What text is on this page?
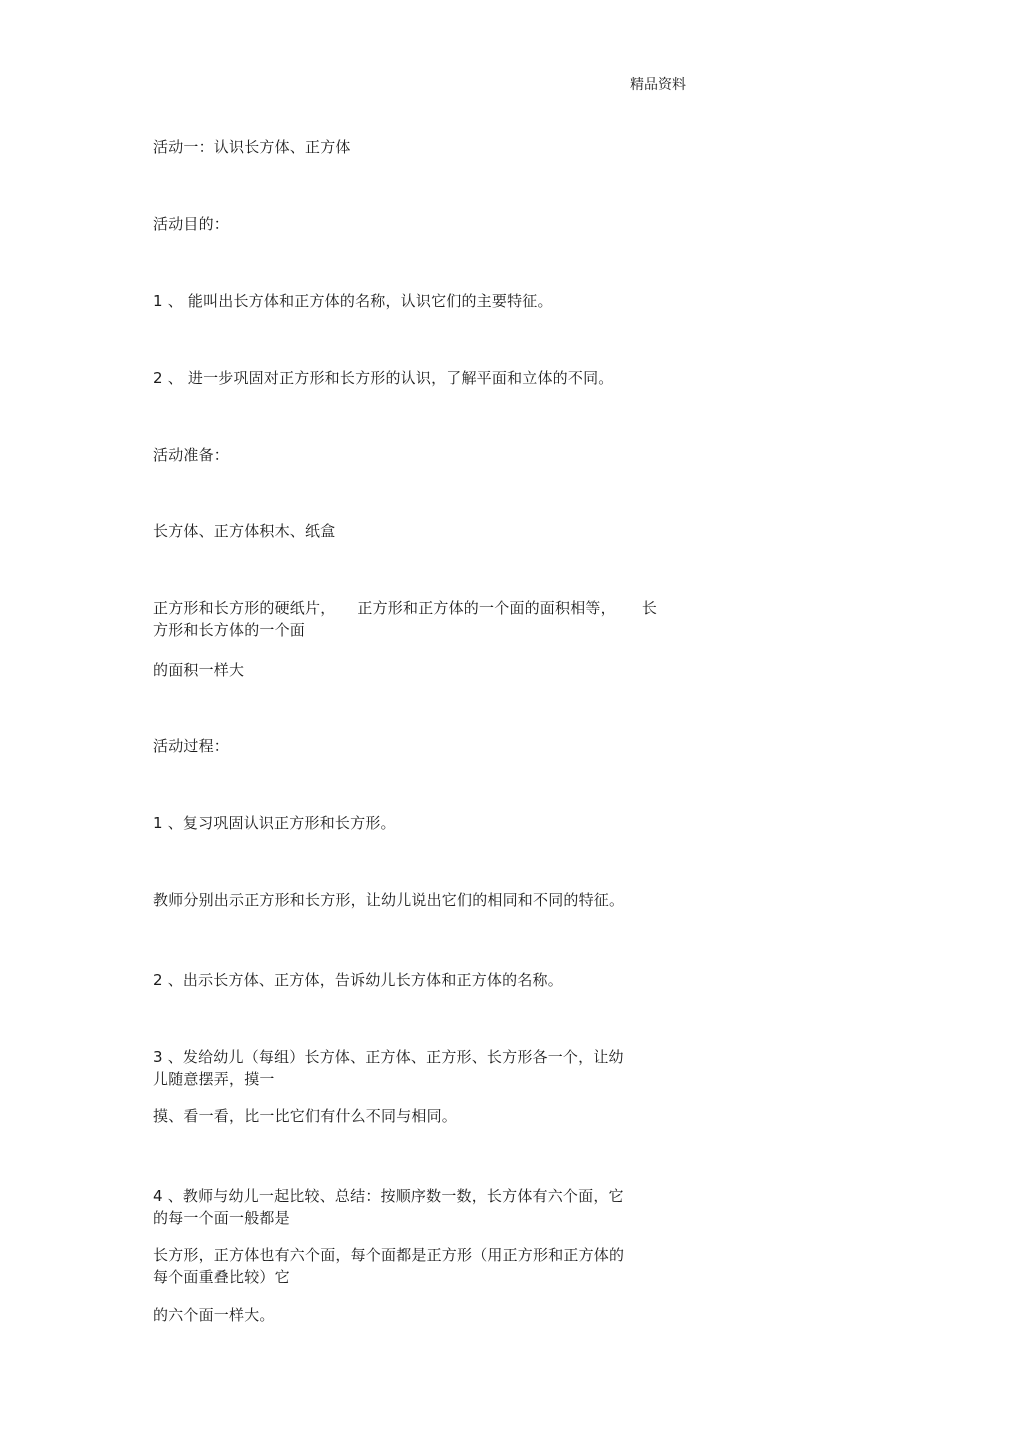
精品资料
活动一：认识长方体、正方体
活动目的：
1 、 能叫出长方体和正方体的名称，认识它们的主要特征。
2 、 进一步巩固对正方形和长方形的认识，了解平面和立体的不同。
活动准备：
长方体、正方体积木、纸盒
正方形和长方形的硬纸片， 正方形和正方体的一个面的面积相等， 长
方形和长方体的一个面
的面积一样大
活动过程：
1 、复习巩固认识正方形和长方形。
教师分别出示正方形和长方形，让幼儿说出它们的相同和不同的特征。
2 、出示长方体、正方体，告诉幼儿长方体和正方体的名称。
3 、发给幼儿（每组）长方体、正方体、正方形、长方形各一个，让幼
儿随意摆弄，摸一
摸、看一看，比一比它们有什么不同与相同。
4 、教师与幼儿一起比较、总结：按顺序数一数，长方体有六个面，它
的每一个面一般都是
长方形，正方体也有六个面，每个面都是正方形（用正方形和正方体的
每个面重叠比较）它
的六个面一样大。
